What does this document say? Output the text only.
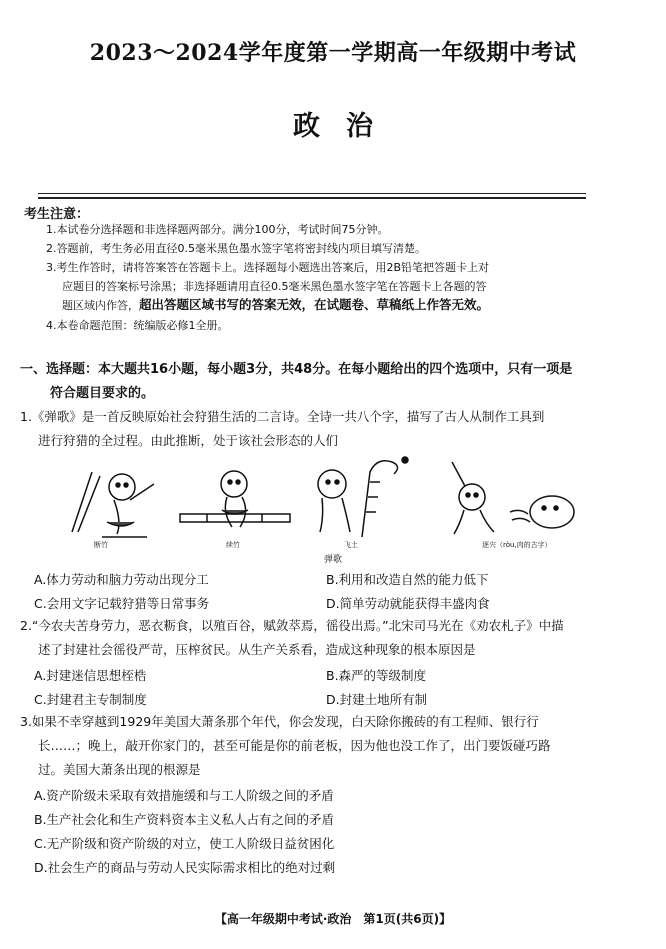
2023～2024学年度第一学期高一年级期中考试
政治
考生注意：
1.本试卷分选择题和非选择题两部分。满分100分，考试时间75分钟。
2.答题前，考生务必用直径0.5毫米黑色墨水签字笔将密封线内项目填写清楚。
3.考生作答时，请将答案答在答题卡上。选择题每小题选出答案后，用2B铅笔把答题卡上对
应题目的答案标号涂黑；非选择题请用直径0.5毫米黑色墨水签字笔在答题卡上各题的答
题区域内作答，超出答题区域书写的答案无效，在试题卷、草稿纸上作答无效。
4.本卷命题范围：统编版必修1全册。
一、选择题：本大题共16小题，每小题3分，共48分。在每小题给出的四个选项中，只有一项是
符合题目要求的。
1.《弹歌》是一首反映原始社会狩猎生活的二言诗。全诗一共八个字，描写了古人从制作工具到
进行狩猎的全过程。由此推断，处于该社会形态的人们
断竹	续竹	飞土	逐宍（ròu,肉的古字）
弹歌
A.体力劳动和脑力劳动出现分工	B.利用和改造自然的能力低下
C.会用文字记载狩猎等日常事务	D.简单劳动就能获得丰盛肉食
2.“今农夫苦身劳力，恶衣粝食，以殖百谷，赋敛萃焉，徭役出焉。”北宋司马光在《劝农札子》中描
述了封建社会徭役严苛，压榨贫民。从生产关系看，造成这种现象的根本原因是
A.封建迷信思想桎梏	B.森严的等级制度
C.封建君主专制制度	D.封建土地所有制
3.如果不幸穿越到1929年美国大萧条那个年代，你会发现，白天除你搬砖的有工程师、银行行
长……；晚上，敲开你家门的，甚至可能是你的前老板，因为他也没工作了，出门要饭碰巧路
过。美国大萧条出现的根源是
A.资产阶级未采取有效措施缓和与工人阶级之间的矛盾
B.生产社会化和生产资料资本主义私人占有之间的矛盾
C.无产阶级和资产阶级的对立，使工人阶级日益贫困化
D.社会生产的商品与劳动人民实际需求相比的绝对过剩
【高一年级期中考试·政治　第1页(共6页)】
